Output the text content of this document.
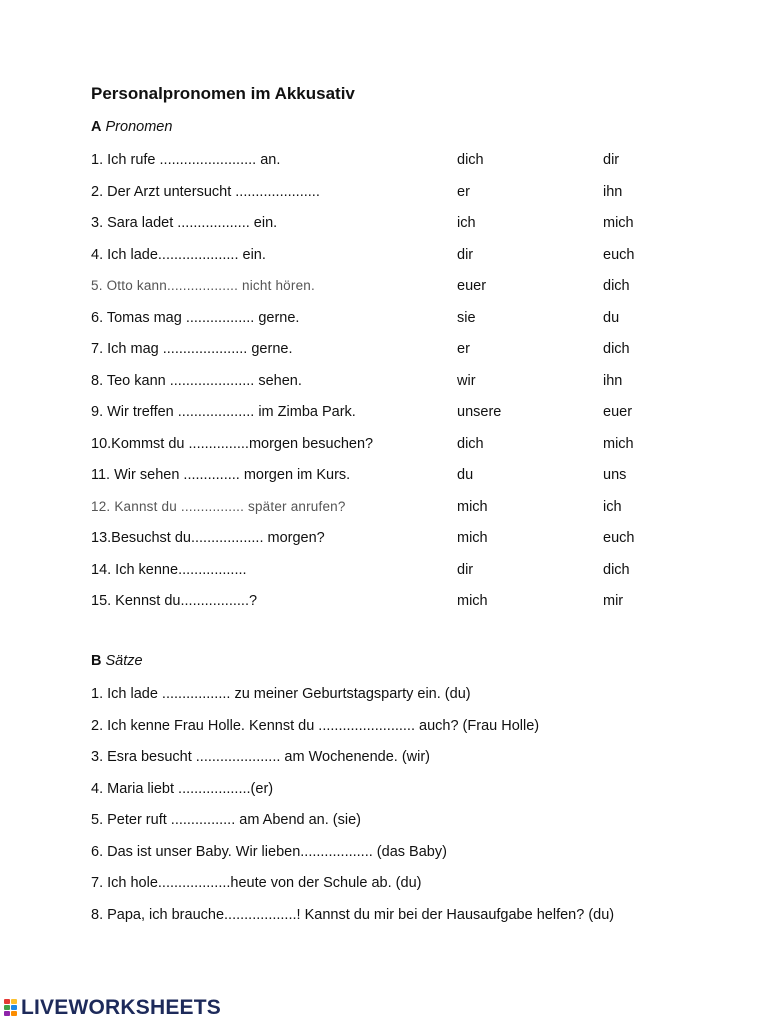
Personalpronomen im Akkusativ
A Pronomen
1. Ich rufe ........................ an.	dich	dir
2. Der Arzt untersucht .....................	er	ihn
3. Sara ladet .................. ein.	ich	mich
4. Ich lade.................... ein.	dir	euch
5. Otto kann.................. nicht hören.	euer	dich
6. Tomas mag ................. gerne.	sie	du
7. Ich mag ..................... gerne.	er	dich
8. Teo kann ..................... sehen.	wir	ihn
9. Wir treffen ................... im Zimba Park.	unsere	euer
10.Kommst du ...............morgen besuchen?	dich	mich
11. Wir sehen .............. morgen im Kurs.	du	uns
12. Kannst du ................ später anrufen?	mich	ich
13.Besuchst du.................. morgen?	mich	euch
14. Ich kenne.................	dir	dich
15. Kennst du.................?	mich	mir
B Sätze
1. Ich lade ................. zu meiner Geburtstagsparty ein. (du)
2. Ich kenne Frau Holle. Kennst du ........................ auch? (Frau Holle)
3. Esra besucht ..................... am Wochenende. (wir)
4. Maria liebt ..................(er)
5. Peter ruft ................ am Abend an. (sie)
6. Das ist unser Baby. Wir lieben.................. (das Baby)
7. Ich hole..................heute von der Schule ab. (du)
8. Papa, ich brauche..................! Kannst du mir bei der Hausaufgabe helfen? (du)
LIVEWORKSHEETS
